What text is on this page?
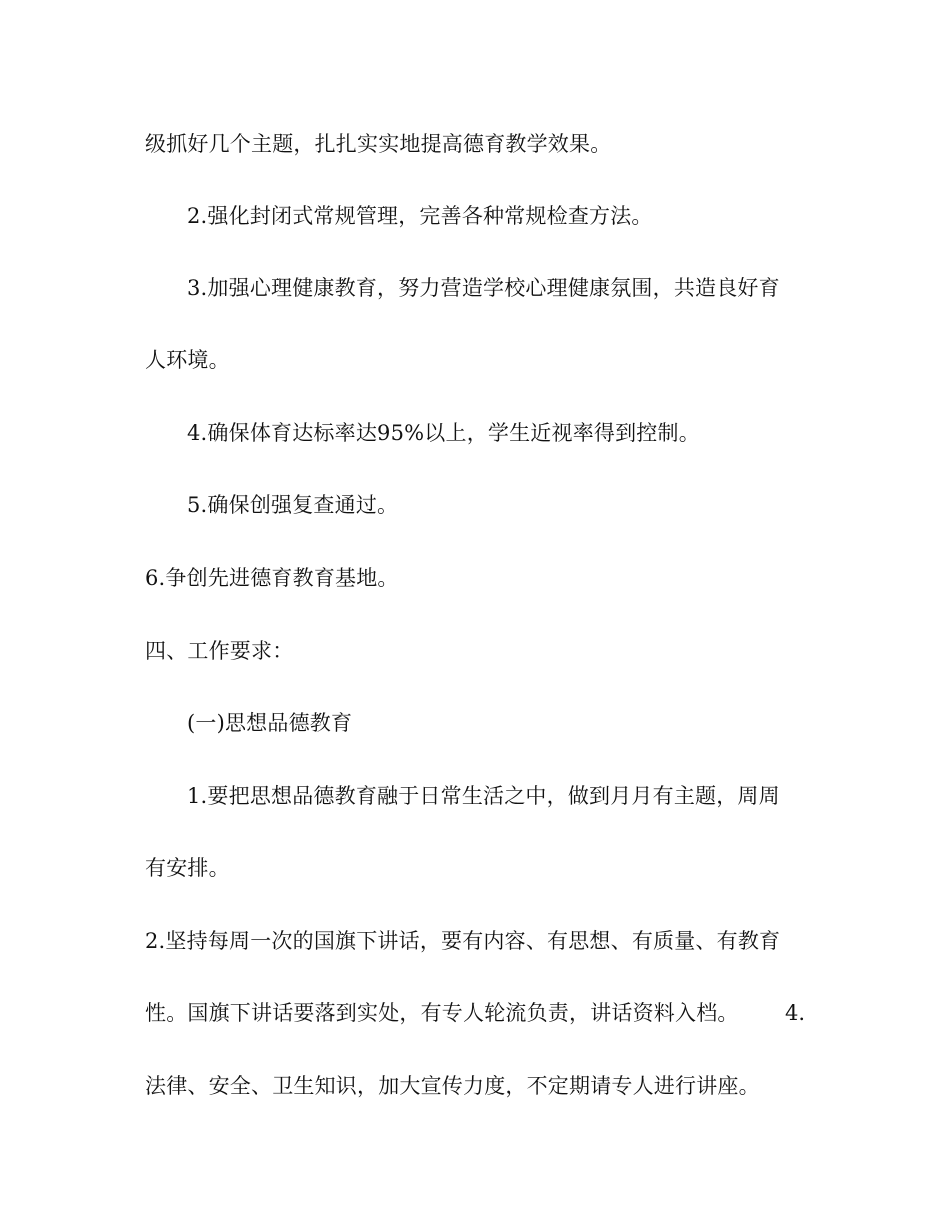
级抓好几个主题，扎扎实实地提高德育教学效果。
2.强化封闭式常规管理，完善各种常规检查方法。
3.加强心理健康教育，努力营造学校心理健康氛围，共造良好育
人环境。
4.确保体育达标率达95%以上，学生近视率得到控制。
5.确保创强复查通过。
6.争创先进德育教育基地。
四、工作要求：
(一)思想品德教育
1.要把思想品德教育融于日常生活之中，做到月月有主题，周周
有安排。
2.坚持每周一次的国旗下讲话，要有内容、有思想、有质量、有教育
性。国旗下讲话要落到实处，有专人轮流负责，讲话资料入档。	4.
法律、安全、卫生知识，加大宣传力度，不定期请专人进行讲座。
